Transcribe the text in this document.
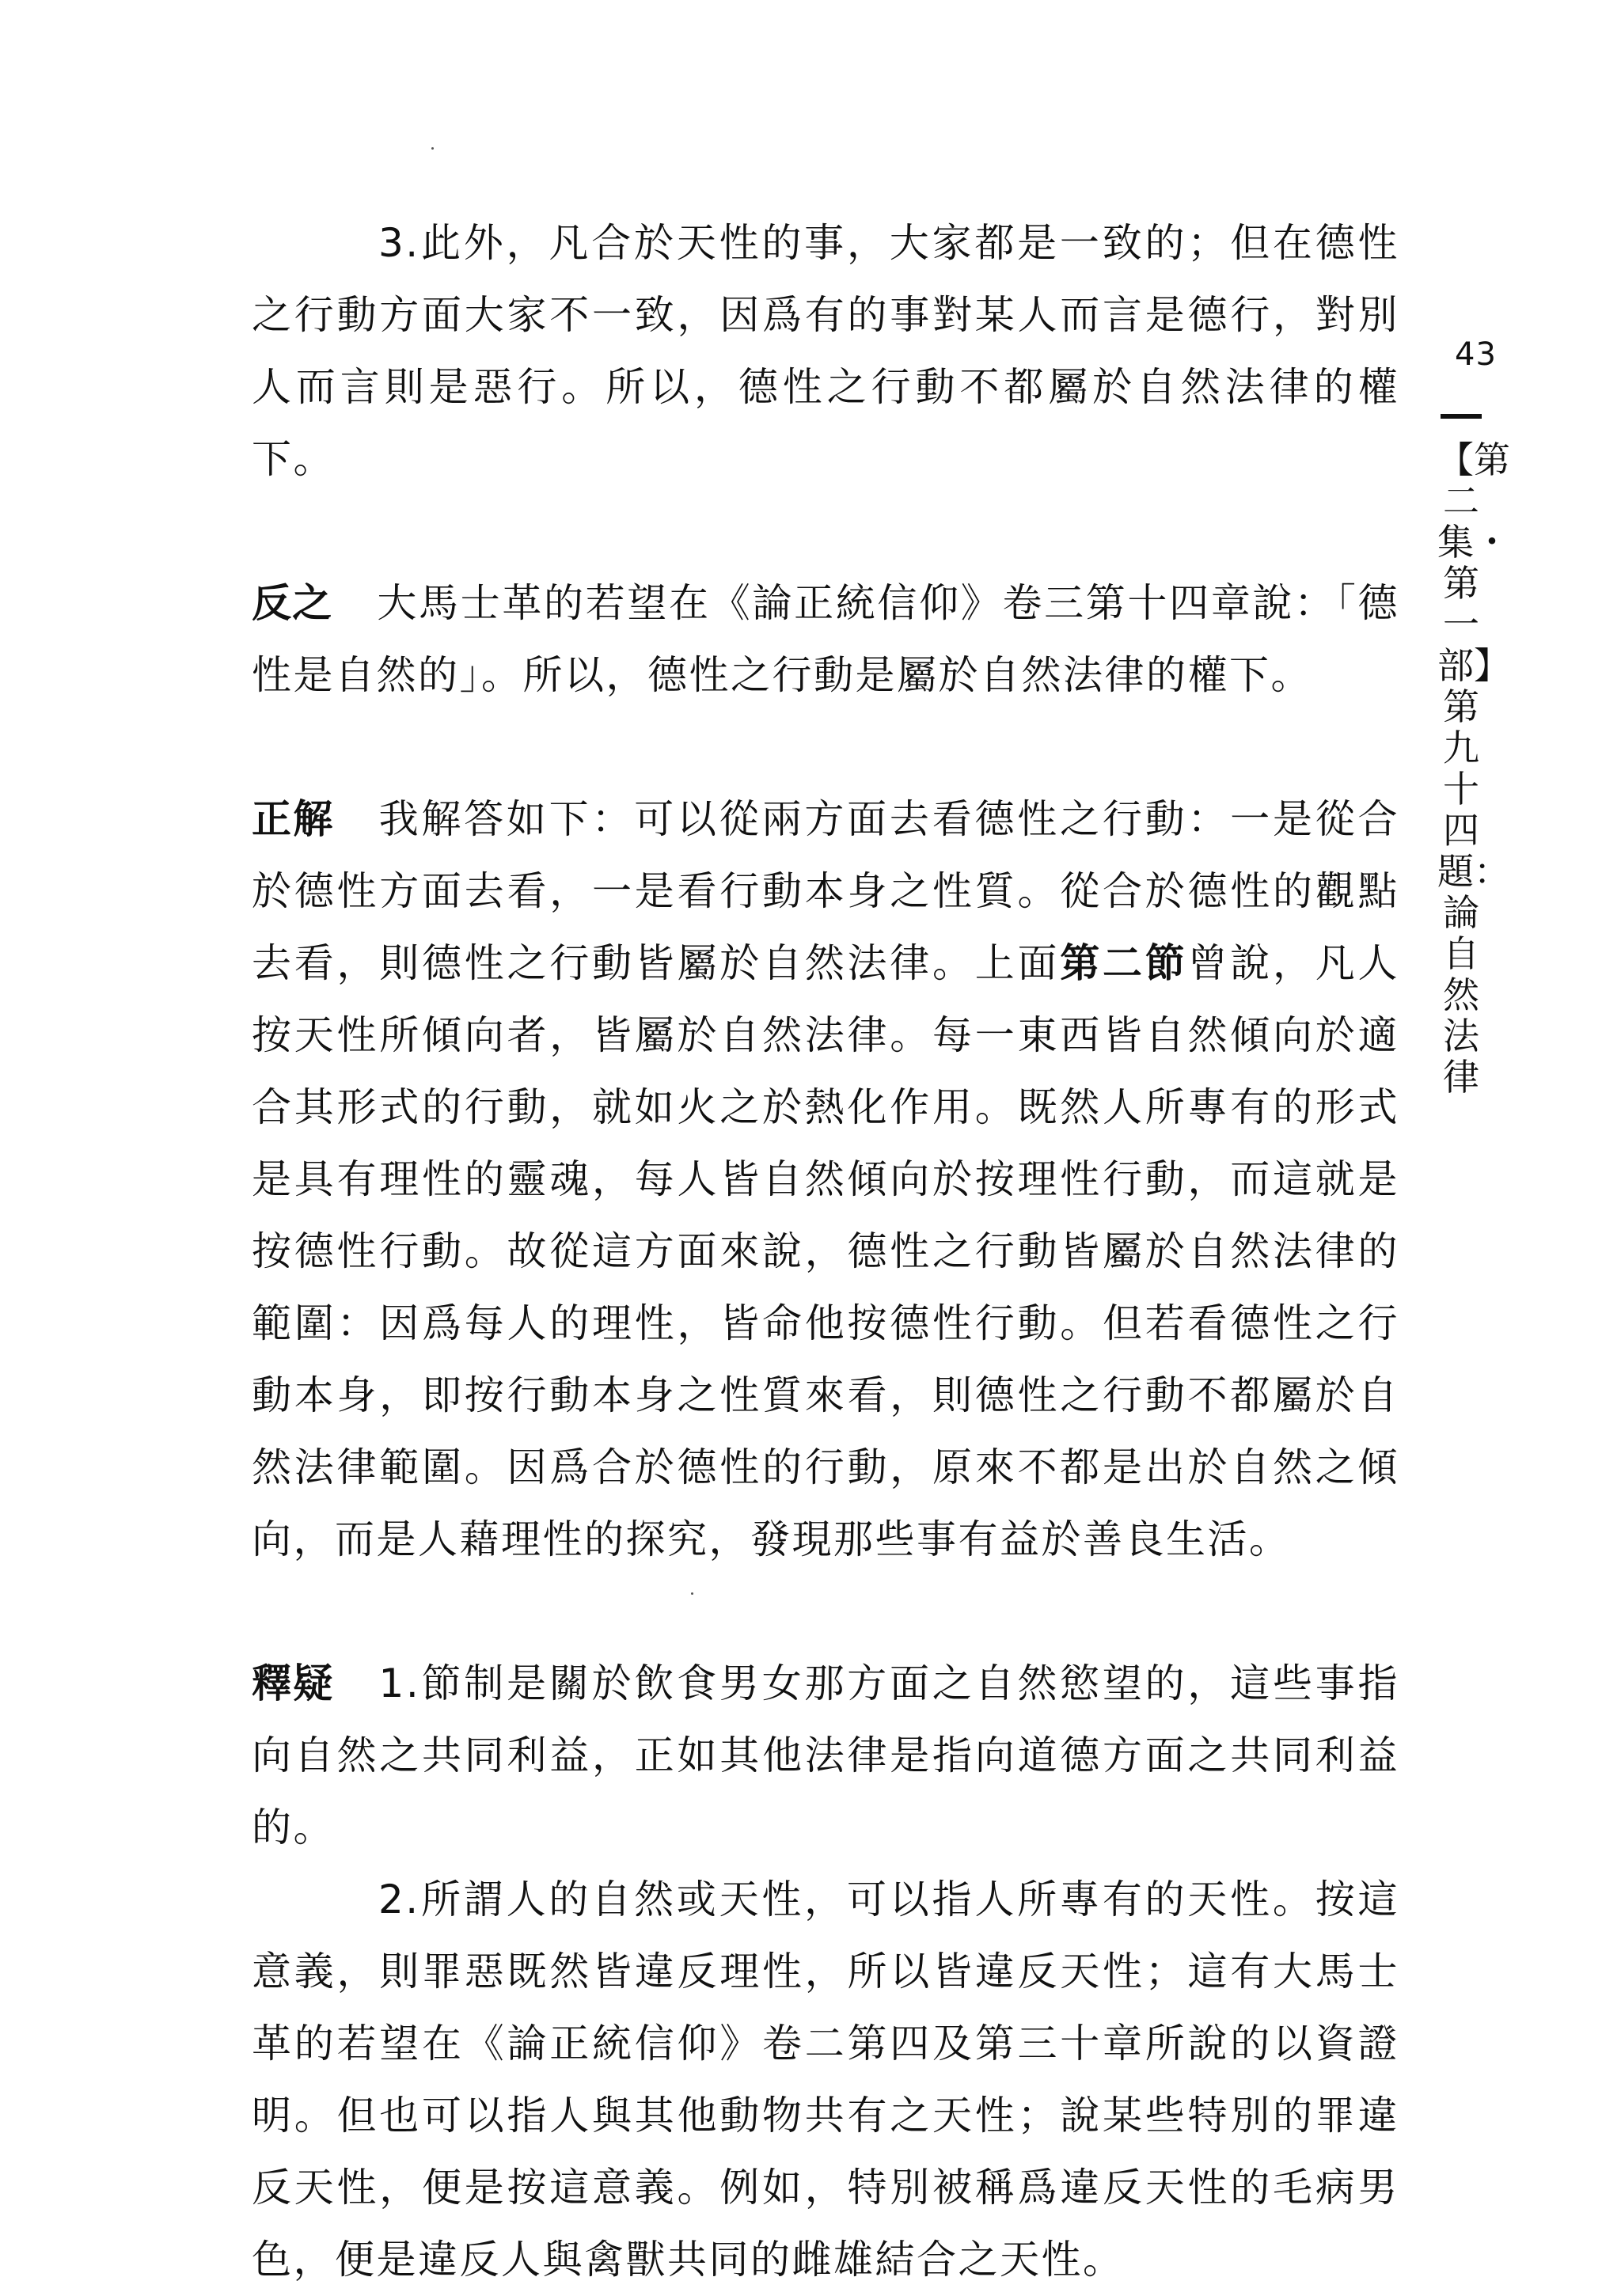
3.此外，凡合於天性的事，大家都是一致的；但在德性之行動方面大家不一致，因爲有的事對某人而言是德行，對別人而言則是惡行。所以，德性之行動不都屬於自然法律的權下。

反之 大馬士革的若望在《論正統信仰》卷三第十四章說：「德性是自然的」。所以，德性之行動是屬於自然法律的權下。

正解 我解答如下：可以從兩方面去看德性之行動：一是從合於德性方面去看，一是看行動本身之性質。從合於德性的觀點去看，則德性之行動皆屬於自然法律。上面第二節曾說，凡人按天性所傾向者，皆屬於自然法律。每一東西皆自然傾向於適合其形式的行動，就如火之於熱化作用。既然人所專有的形式是具有理性的靈魂，每人皆自然傾向於按理性行動，而這就是按德性行動。故從這方面來說，德性之行動皆屬於自然法律的範圍：因爲每人的理性，皆命他按德性行動。但若看德性之行動本身，即按行動本身之性質來看，則德性之行動不都屬於自然法律範圍。因爲合於德性的行動，原來不都是出於自然之傾向，而是人藉理性的探究，發現那些事有益於善良生活。

釋疑 1.節制是關於飲食男女那方面之自然慾望的，這些事指向自然之共同利益，正如其他法律是指向道德方面之共同利益的。

2.所謂人的自然或天性，可以指人所專有的天性。按這意義，則罪惡既然皆違反理性，所以皆違反天性；這有大馬士革的若望在《論正統信仰》卷二第四及第三十章所說的以資證明。但也可以指人與其他動物共有之天性；說某些特別的罪違反天性，便是按這意義。例如，特別被稱爲違反天性的毛病男色，便是違反人與禽獸共同的雌雄結合之天性。

43
【第二集・第一部】第九十四題：論自然法律
